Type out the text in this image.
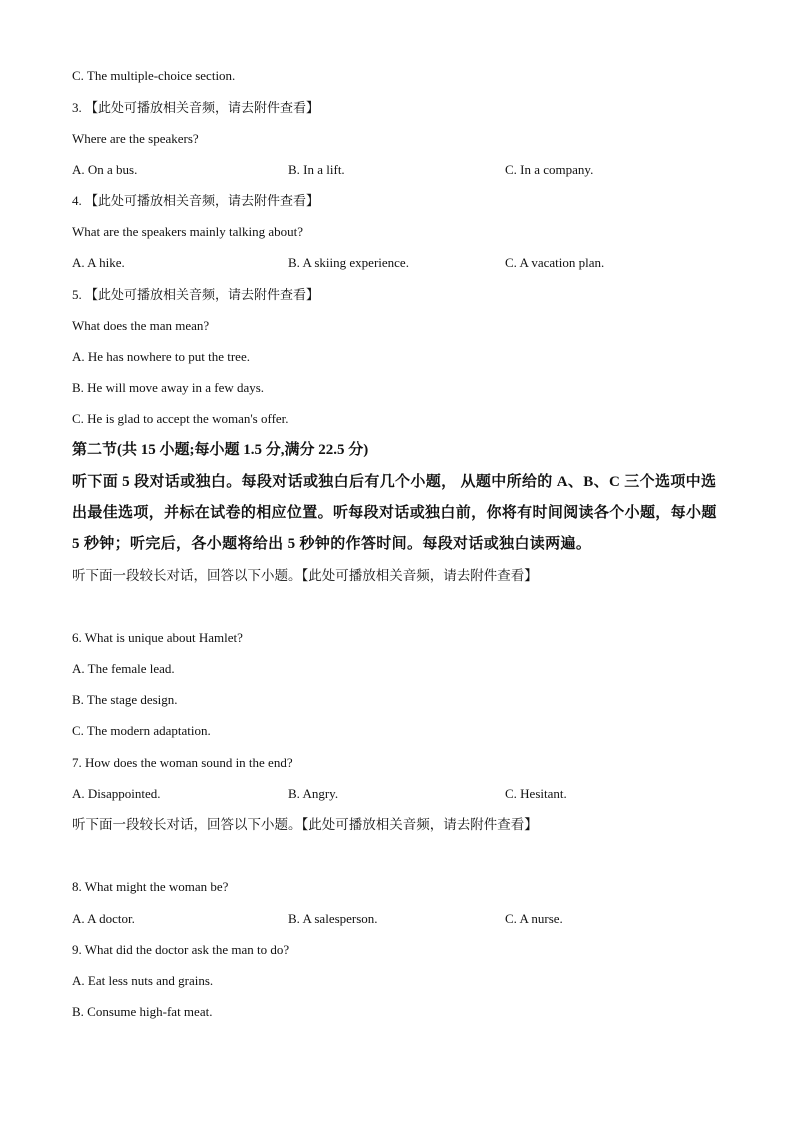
C. The multiple-choice section.
3. 【此处可播放相关音频，请去附件查看】
Where are the speakers?
A. On a bus.	B. In a lift.	C. In a company.
4. 【此处可播放相关音频，请去附件查看】
What are the speakers mainly talking about?
A. A hike.	B. A skiing experience.	C. A vacation plan.
5. 【此处可播放相关音频，请去附件查看】
What does the man mean?
A. He has nowhere to put the tree.
B. He will move away in a few days.
C. He is glad to accept the woman's offer.
第二节(共 15 小题;每小题 1.5 分,满分 22.5 分)
听下面 5 段对话或独白。每段对话或独白后有几个小题， 从题中所给的 A、B、C 三个选项中选出最佳选项，并标在试卷的相应位置。听每段对话或独白前，你将有时间阅读各个小题，每小题 5 秒钟；听完后，各小题将给出 5 秒钟的作答时间。每段对话或独白读两遍。
听下面一段较长对话，回答以下小题。【此处可播放相关音频，请去附件查看】
6. What is unique about Hamlet?
A. The female lead.
B. The stage design.
C. The modern adaptation.
7. How does the woman sound in the end?
A. Disappointed.	B. Angry.	C. Hesitant.
听下面一段较长对话，回答以下小题。【此处可播放相关音频，请去附件查看】
8. What might the woman be?
A. A doctor.	B. A salesperson.	C. A nurse.
9. What did the doctor ask the man to do?
A. Eat less nuts and grains.
B. Consume high-fat meat.
